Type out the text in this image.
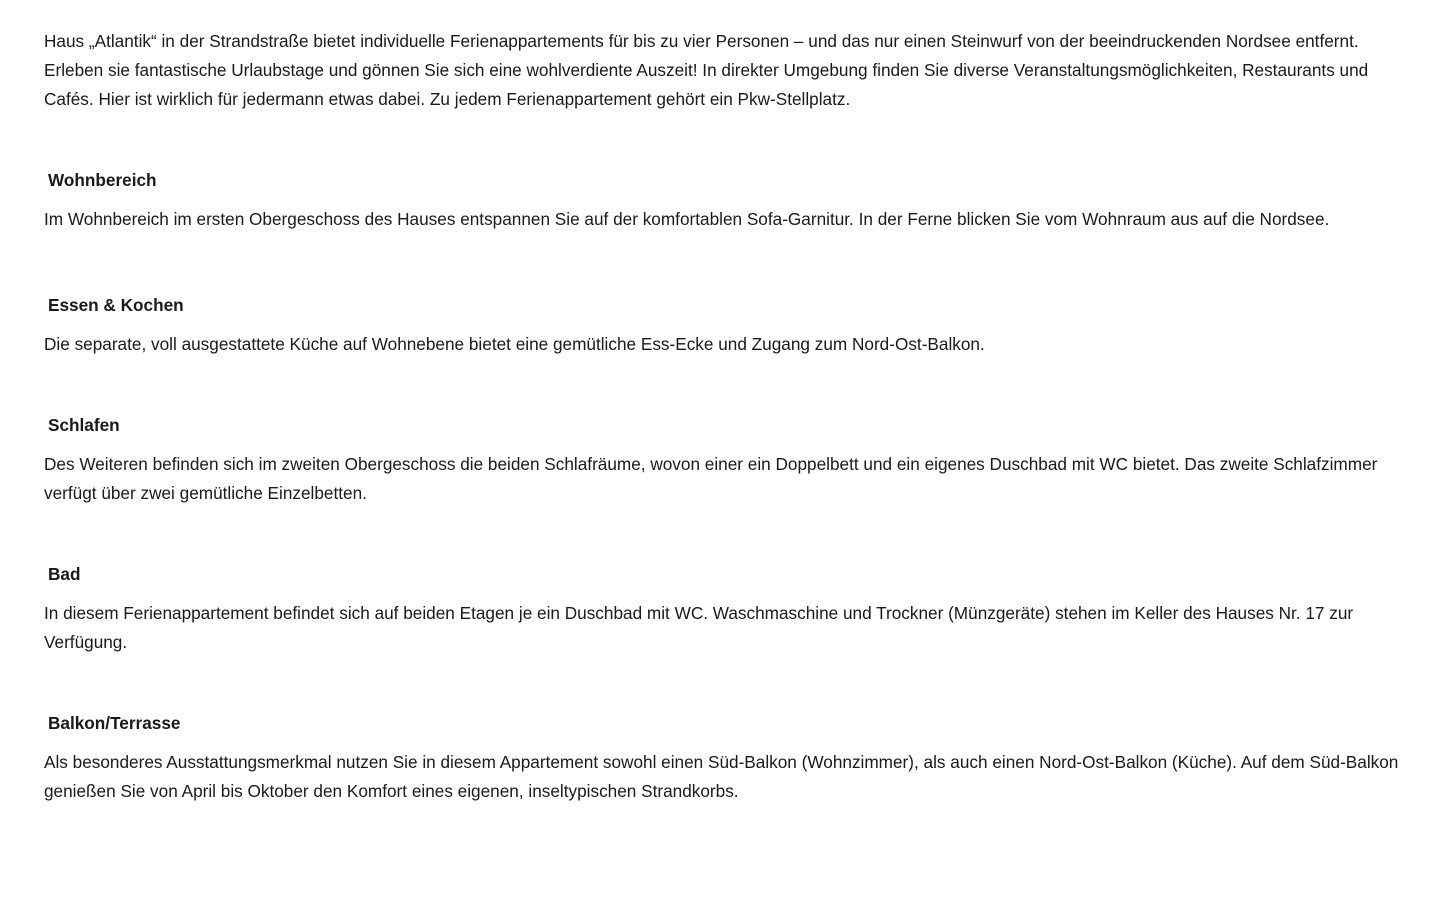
Haus „Atlantik“ in der Strandstraße bietet individuelle Ferienappartements für bis zu vier Personen – und das nur einen Steinwurf von der beeindruckenden Nordsee entfernt. Erleben sie fantastische Urlaubstage und gönnen Sie sich eine wohlverdiente Auszeit! In direkter Umgebung finden Sie diverse Veranstaltungsmöglichkeiten, Restaurants und Cafés. Hier ist wirklich für jedermann etwas dabei. Zu jedem Ferienappartement gehört ein Pkw-Stellplatz.

Wohnbereich

Im Wohnbereich im ersten Obergeschoss des Hauses entspannen Sie auf der komfortablen Sofa-Garnitur. In der Ferne blicken Sie vom Wohnraum aus auf die Nordsee.

Essen & Kochen

Die separate, voll ausgestattete Küche auf Wohnebene bietet eine gemütliche Ess-Ecke und Zugang zum Nord-Ost-Balkon.

Schlafen

Des Weiteren befinden sich im zweiten Obergeschoss die beiden Schlafräume, wovon einer ein Doppelbett und ein eigenes Duschbad mit WC bietet. Das zweite Schlafzimmer verfügt über zwei gemütliche Einzelbetten.

Bad

In diesem Ferienappartement befindet sich auf beiden Etagen je ein Duschbad mit WC. Waschmaschine und Trockner (Münzgeräte) stehen im Keller des Hauses Nr. 17 zur Verfügung.

Balkon/Terrasse

Als besonderes Ausstattungsmerkmal nutzen Sie in diesem Appartement sowohl einen Süd-Balkon (Wohnzimmer), als auch einen Nord-Ost-Balkon (Küche). Auf dem Süd-Balkon genießen Sie von April bis Oktober den Komfort eines eigenen, inseltypischen Strandkorbs.
